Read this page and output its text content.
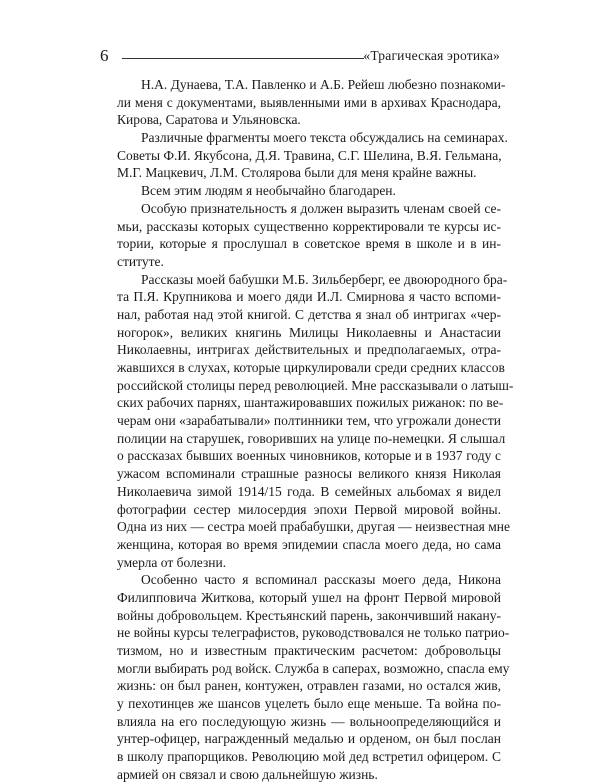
6	«Трагическая эротика»
Н.А. Дунаева, Т.А. Павленко и А.Б. Рейеш любезно познакоми-
ли меня с документами, выявленными ими в архивах Краснодара,
Кирова, Саратова и Ульяновска.
Различные фрагменты моего текста обсуждались на семинарах.
Советы Ф.И. Якубсона, Д.Я. Травина, С.Г. Шелина, В.Я. Гельмана,
М.Г. Мацкевич, Л.М. Столярова были для меня крайне важны.
Всем этим людям я необычайно благодарен.
Особую признательность я должен выразить членам своей се-
мьи, рассказы которых существенно корректировали те курсы ис-
тории, которые я прослушал в советское время в школе и в ин-
ституте.
Рассказы моей бабушки М.Б. Зильберберг, ее двоюродного бра-
та П.Я. Крупникова и моего дяди И.Л. Смирнова я часто вспоми-
нал, работая над этой книгой. С детства я знал об интригах «чер-
ногорок», великих княгинь Милицы Николаевны и Анастасии
Николаевны, интригах действительных и предполагаемых, отра-
жавшихся в слухах, которые циркулировали среди средних классов
российской столицы перед революцией. Мне рассказывали о латыш-
ских рабочих парнях, шантажировавших пожилых рижанок: по ве-
черам они «зарабатывали» полтинники тем, что угрожали донести
полиции на старушек, говоривших на улице по-немецки. Я слышал
о рассказах бывших военных чиновников, которые и в 1937 году с
ужасом вспоминали страшные разносы великого князя Николая
Николаевича зимой 1914/15 года. В семейных альбомах я видел
фотографии сестер милосердия эпохи Первой мировой войны.
Одна из них — сестра моей прабабушки, другая — неизвестная мне
женщина, которая во время эпидемии спасла моего деда, но сама
умерла от болезни.
Особенно часто я вспоминал рассказы моего деда, Никона
Филипповича Житкова, который ушел на фронт Первой мировой
войны добровольцем. Крестьянский парень, закончивший накану-
не войны курсы телеграфистов, руководствовался не только патрио-
тизмом, но и известным практическим расчетом: добровольцы
могли выбирать род войск. Служба в саперах, возможно, спасла ему
жизнь: он был ранен, контужен, отравлен газами, но остался жив,
у пехотинцев же шансов уцелеть было еще меньше. Та война по-
влияла на его последующую жизнь — вольноопределяющийся и
унтер-офицер, награжденный медалью и орденом, он был послан
в школу прапорщиков. Революцию мой дед встретил офицером. С
армией он связал и свою дальнейшую жизнь.
